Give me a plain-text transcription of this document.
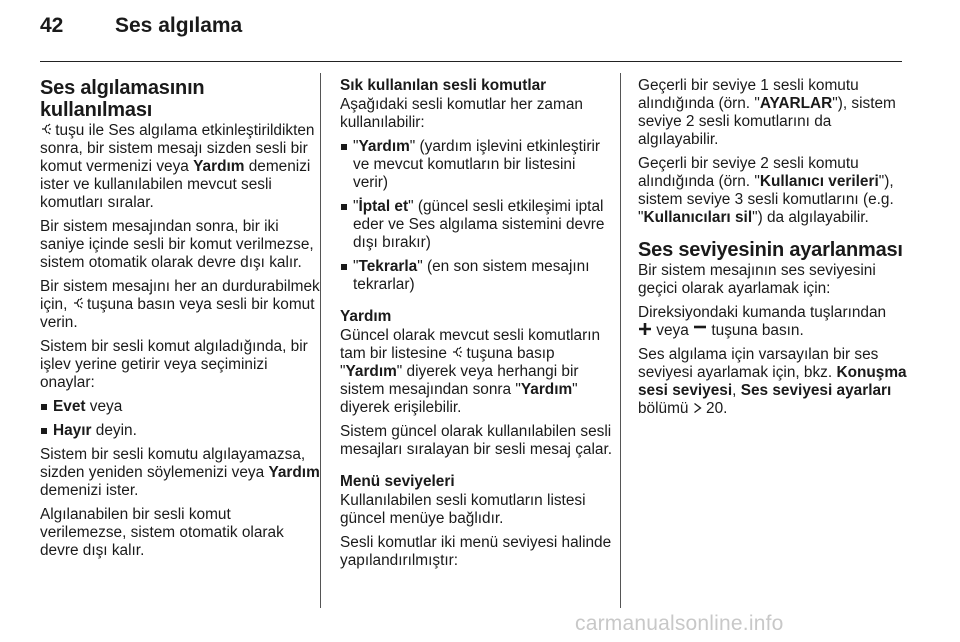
42 Ses algılama
Ses algılamasının kullanılması

tuşu ile Ses algılama etkinleştirildikten sonra, bir sistem mesajı sizden sesli bir komut vermenizi veya Yardım demenizi ister ve kullanılabilen mevcut sesli komutları sıralar.

Bir sistem mesajından sonra, bir iki saniye içinde sesli bir komut verilmezse, sistem otomatik olarak devre dışı kalır.

Bir sistem mesajını her an durdurabilmek için, tuşuna basın veya sesli bir komut verin.

Sistem bir sesli komut algıladığında, bir işlev yerine getirir veya seçiminizi onaylar:

Evet veya
Hayır deyin.

Sistem bir sesli komutu algılayamazsa, sizden yeniden söylemenizi veya Yardım demenizi ister.

Algılanabilen bir sesli komut verilemezse, sistem otomatik olarak devre dışı kalır.

Sık kullanılan sesli komutlar

Aşağıdaki sesli komutlar her zaman kullanılabilir:

"Yardım" (yardım işlevini etkinleştirir ve mevcut komutların bir listesini verir)
"İptal et" (güncel sesli etkileşimi iptal eder ve Ses algılama sistemini devre dışı bırakır)
"Tekrarla" (en son sistem mesajını tekrarlar)
Yardım

Güncel olarak mevcut sesli komutların tam bir listesine tuşuna basıp "Yardım" diyerek veya herhangi bir sistem mesajından sonra "Yardım" diyerek erişilebilir.

Sistem güncel olarak kullanılabilen sesli mesajları sıralayan bir sesli mesaj çalar.

Menü seviyeleri

Kullanılabilen sesli komutların listesi güncel menüye bağlıdır.

Sesli komutlar iki menü seviyesi halinde yapılandırılmıştır:

Geçerli bir seviye 1 sesli komutu alındığında (örn. "AYARLAR"), sistem seviye 2 sesli komutlarını da algılayabilir.

Geçerli bir seviye 2 sesli komutu alındığında (örn. "Kullanıcı verileri"), sistem seviye 3 sesli komutlarını (e.g. "Kullanıcıları sil") da algılayabilir.

Ses seviyesinin ayarlanması

Bir sistem mesajının ses seviyesini geçici olarak ayarlamak için:

Direksiyondaki kumanda tuşlarından
veya tuşuna basın.

Ses algılama için varsayılan bir ses seviyesi ayarlamak için, bkz. Konuşma sesi seviyesi, Ses seviyesi ayarları bölümü 20.

carmanualsonline.info
